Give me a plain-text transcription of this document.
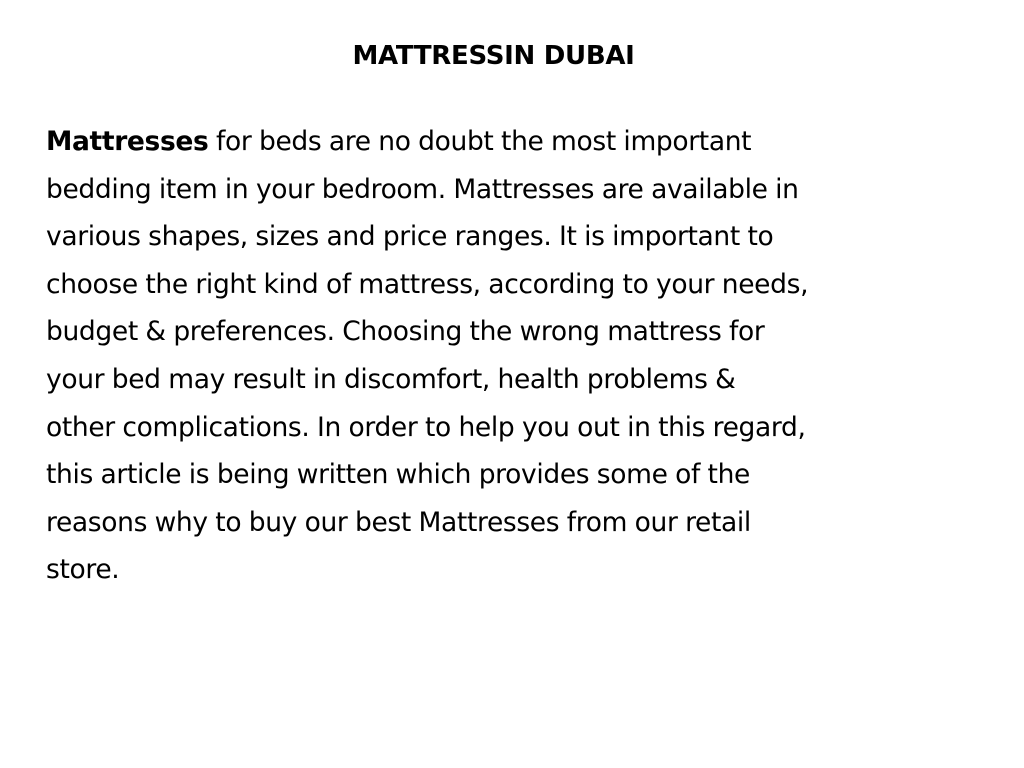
MATTRESSIN DUBAI

Mattresses for beds are no doubt the most important
bedding item in your bedroom. Mattresses are available in
various shapes, sizes and price ranges. It is important to
choose the right kind of mattress, according to your needs,
budget & preferences. Choosing the wrong mattress for
your bed may result in discomfort, health problems &
other complications. In order to help you out in this regard,
this article is being written which provides some of the
reasons why to buy our best Mattresses from our retail
store.
